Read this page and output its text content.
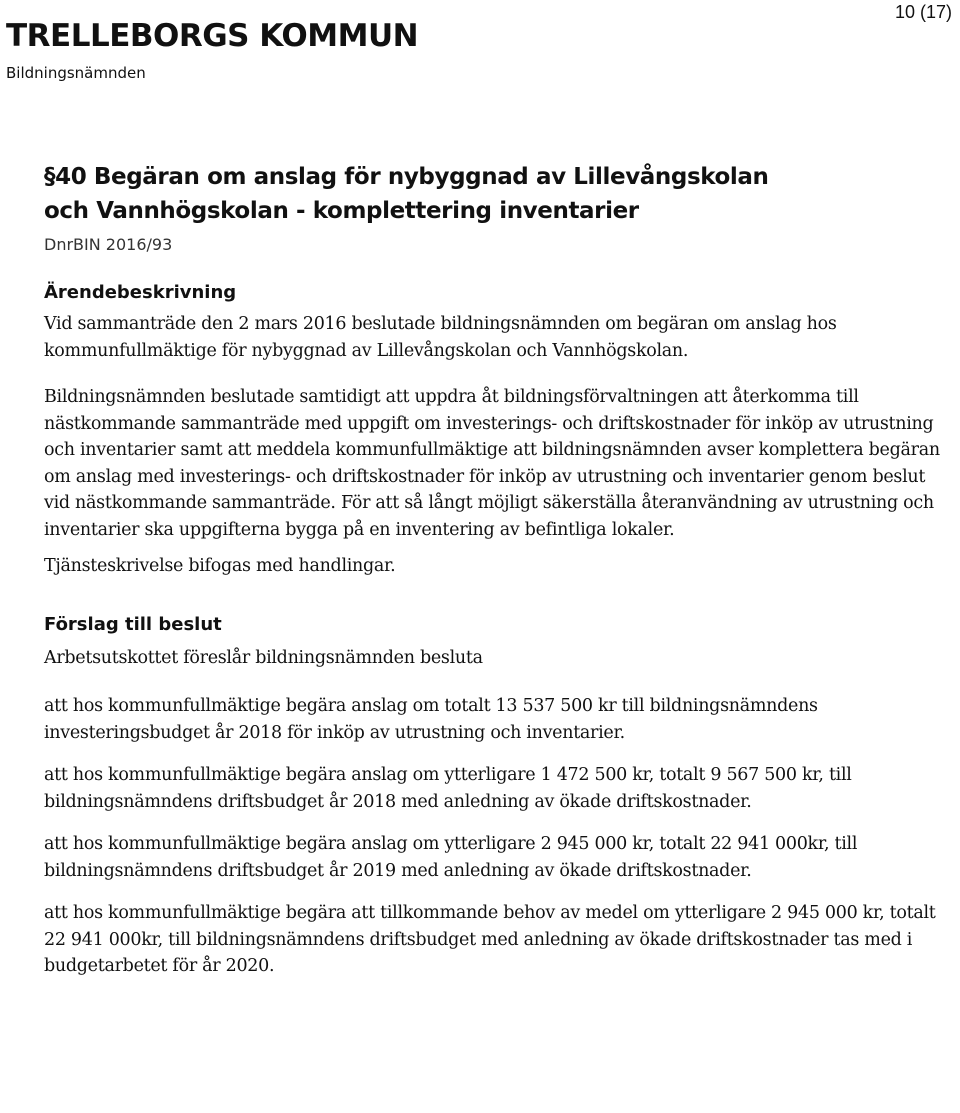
10 (17)
TRELLEBORGS KOMMUN
Bildningsnämnden
§40 Begäran om anslag för nybyggnad av Lillevångskolan och Vannhögskolan - komplettering inventarier
DnrBIN 2016/93
Ärendebeskrivning

Vid sammanträde den 2 mars 2016 beslutade bildningsnämnden om begäran om anslag hos kommunfullmäktige för nybyggnad av Lillevångskolan och Vannhögskolan.

Bildningsnämnden beslutade samtidigt att uppdra åt bildningsförvaltningen att återkomma till nästkommande sammanträde med uppgift om investerings- och driftskostnader för inköp av utrustning och inventarier samt att meddela kommunfullmäktige att bildningsnämnden avser komplettera begäran om anslag med investerings- och driftskostnader för inköp av utrustning och inventarier genom beslut vid nästkommande sammanträde. För att så långt möjligt säkerställa återanvändning av utrustning och inventarier ska uppgifterna bygga på en inventering av befintliga lokaler.

Tjänsteskrivelse bifogas med handlingar.

Förslag till beslut

Arbetsutskottet föreslår bildningsnämnden besluta

att hos kommunfullmäktige begära anslag om totalt 13 537 500 kr till bildningsnämndens investeringsbudget år 2018 för inköp av utrustning och inventarier.

att hos kommunfullmäktige begära anslag om ytterligare 1 472 500 kr, totalt 9 567 500 kr, till bildningsnämndens driftsbudget år 2018 med anledning av ökade driftskostnader.

att hos kommunfullmäktige begära anslag om ytterligare 2 945 000 kr, totalt 22 941 000kr, till bildningsnämndens driftsbudget år 2019 med anledning av ökade driftskostnader.

att hos kommunfullmäktige begära att tillkommande behov av medel om ytterligare 2 945 000 kr, totalt 22 941 000kr, till bildningsnämndens driftsbudget med anledning av ökade driftskostnader tas med i budgetarbetet för år 2020.
